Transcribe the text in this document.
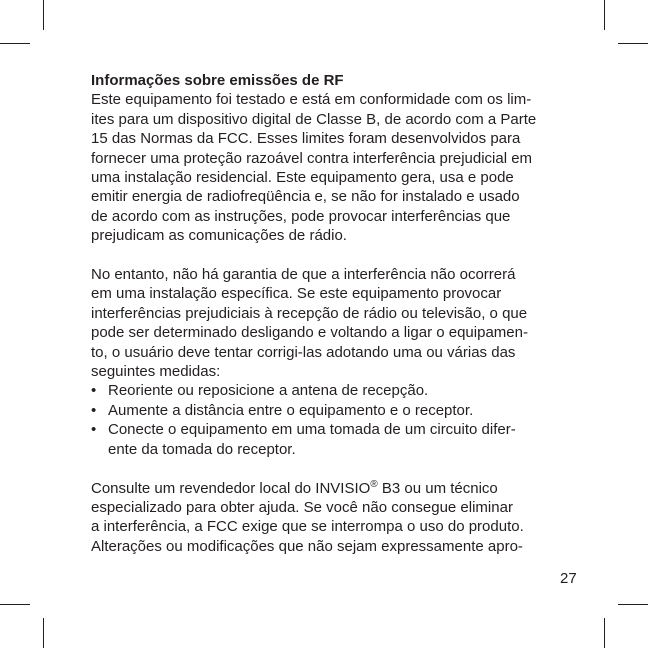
Informações sobre emissões de RF
Este equipamento foi testado e está em conformidade com os lim-
ites para um dispositivo digital de Classe B, de acordo com a Parte
15 das Normas da FCC. Esses limites foram desenvolvidos para
fornecer uma proteção razoável contra interferência prejudicial em
uma instalação residencial. Este equipamento gera, usa e pode
emitir energia de radiofreqüência e, se não for instalado e usado
de acordo com as instruções, pode provocar interferências que
prejudicam as comunicações de rádio.
No entanto, não há garantia de que a interferência não ocorrerá
em uma instalação específica. Se este equipamento provocar
interferências prejudiciais à recepção de rádio ou televisão, o que
pode ser determinado desligando e voltando a ligar o equipamen-
to, o usuário deve tentar corrigi-las adotando uma ou várias das
seguintes medidas:
• Reoriente ou reposicione a antena de recepção.
• Aumente a distância entre o equipamento e o receptor.
• Conecte o equipamento em uma tomada de um circuito difer-
ente da tomada do receptor.
Consulte um revendedor local do INVISIO® B3 ou um técnico
especializado para obter ajuda. Se você não consegue eliminar
a interferência, a FCC exige que se interrompa o uso do produto.
Alterações ou modificações que não sejam expressamente apro-
27
